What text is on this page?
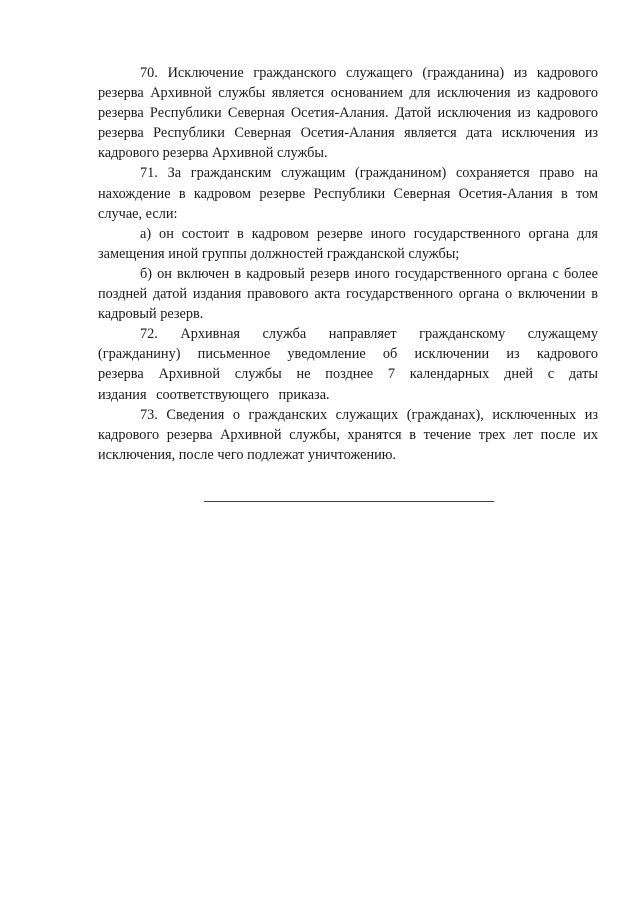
70. Исключение гражданского служащего (гражданина) из кадрового резерва Архивной службы является основанием для исключения из кадрового резерва Республики Северная Осетия-Алания. Датой исключения из кадрового резерва Республики Северная Осетия-Алания является дата исключения из кадрового резерва Архивной службы.

71. За гражданским служащим (гражданином) сохраняется право на нахождение в кадровом резерве Республики Северная Осетия-Алания в том случае, если:

а) он состоит в кадровом резерве иного государственного органа для замещения иной группы должностей гражданской службы;

б) он включен в кадровый резерв иного государственного органа с более поздней датой издания правового акта государственного органа о включении в кадровый резерв.

72. Архивная служба направляет гражданскому служащему (гражданину) письменное уведомление об исключении из кадрового резерва Архивной службы не позднее 7 календарных дней с даты издания соответствующего приказа.

73. Сведения о гражданских служащих (гражданах), исключенных из кадрового резерва Архивной службы, хранятся в течение трех лет после их исключения, после чего подлежат уничтожению.
